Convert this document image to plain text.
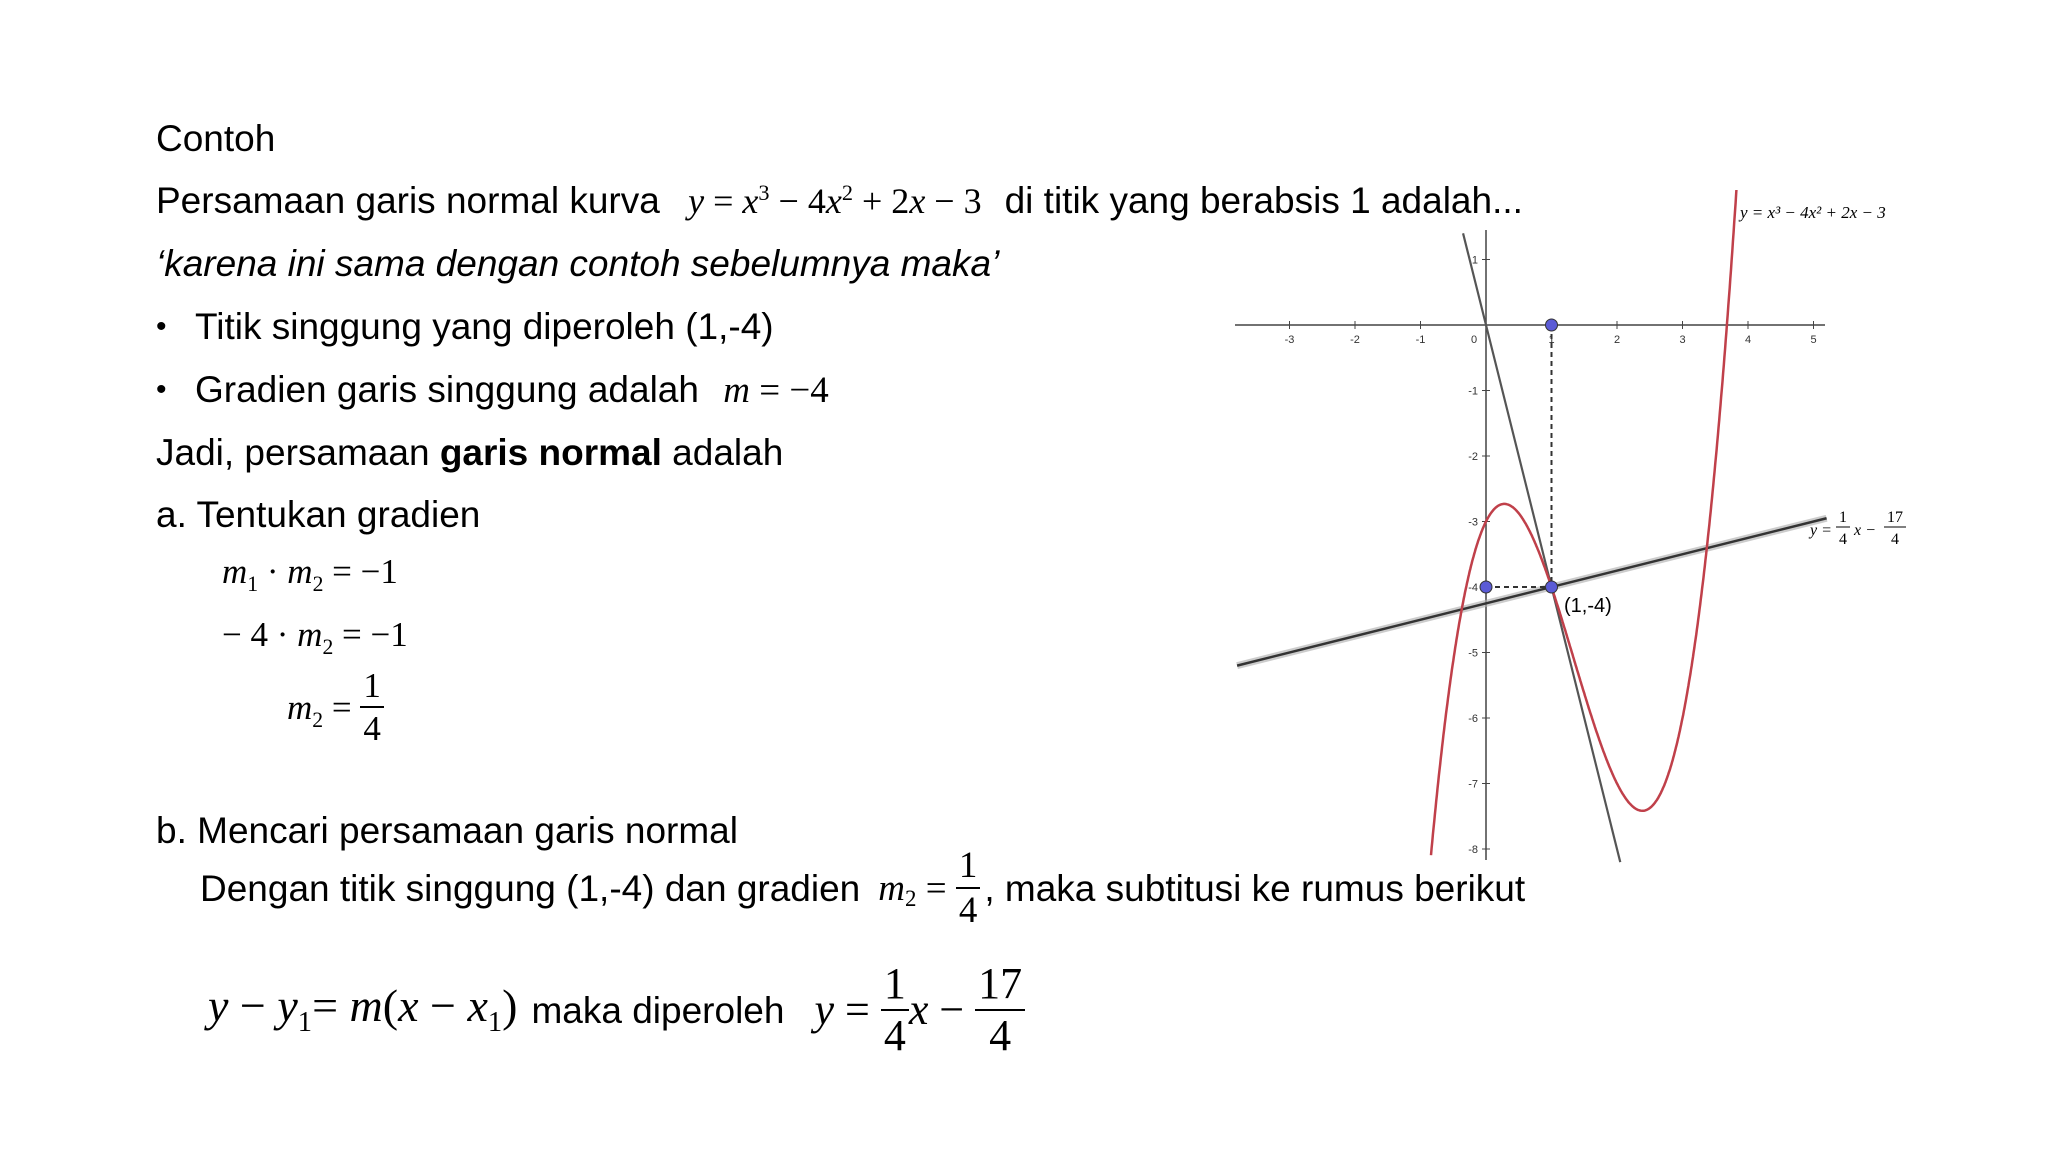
Contoh
Persamaan garis normal kurva $y = x^3 - 4x^2 + 2x - 3$ di titik yang berabsis 1 adalah...
‘karena ini sama dengan contoh sebelumnya maka’
• Titik singgung yang diperoleh (1,-4)
• Gradien garis singgung adalah m = −4
Jadi, persamaan garis normal adalah
a. Tentukan gradien
$m_1 \cdot m_2 = -1$
− $4 \cdot m_2 = -1$
$m_2 = \frac{1}{4}$
b. Mencari persamaan garis normal
Dengan titik singgung (1,-4) dan gradien $m_2 = \frac{1}{4}$ , maka subtitusi ke rumus berikut
$y - y_1= m(x - x_1)$ maka diperoleh $y = \frac{1}{4}$ $x - \frac{17}{4}$
-3	-2	-1	0	1	2	3	4	5
1
-1
-2
-3
-4
-5
-6
-7
-8
y = x³ − 4x² + 2x − 3
y =
1
4
x −
17
4
(1,-4)
